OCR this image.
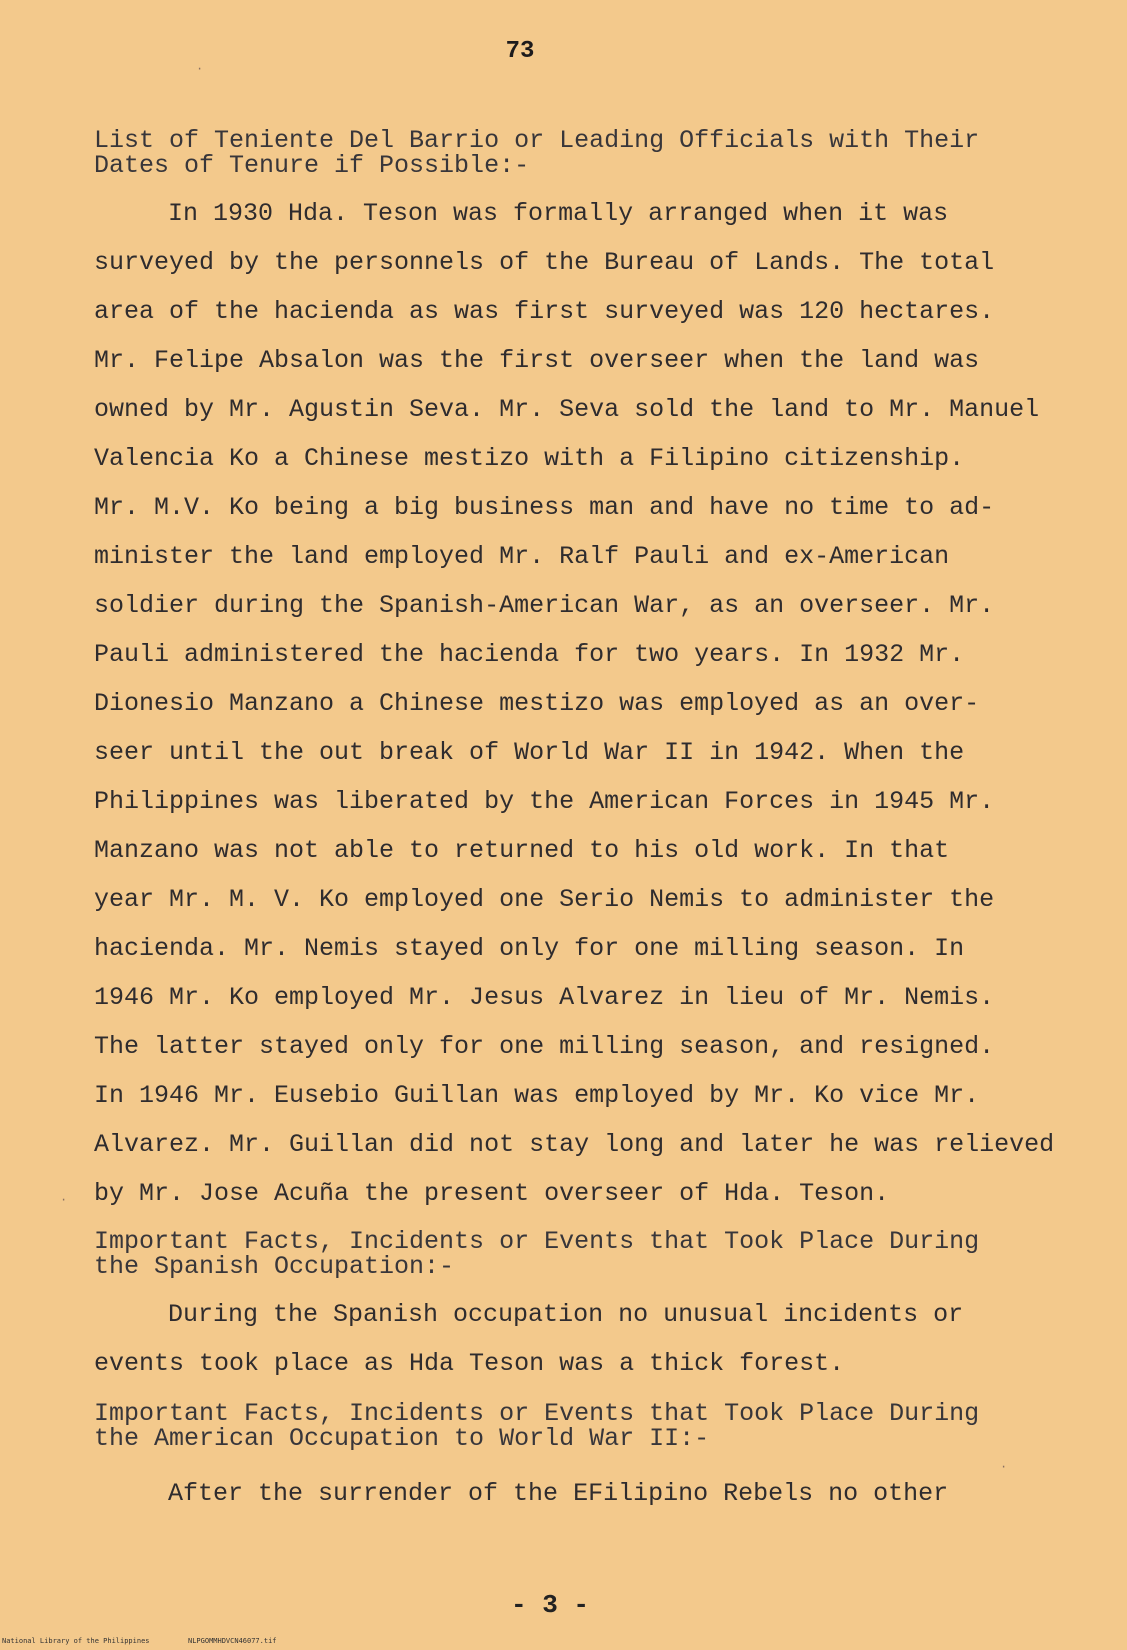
73
List of Teniente Del Barrio or Leading Officials with Their
Dates of Tenure if Possible:-
In 1930 Hda. Teson was formally arranged when it was
surveyed by the personnels of the Bureau of Lands. The total
area of the hacienda as was first surveyed was 120 hectares.
Mr. Felipe Absalon was the first overseer when the land was
owned by Mr. Agustin Seva. Mr. Seva sold the land to Mr. Manuel
Valencia Ko a Chinese mestizo with a Filipino citizenship.
Mr. M.V. Ko being a big business man and have no time to ad-
minister the land employed Mr. Ralf Pauli and ex-American
soldier during the Spanish-American War, as an overseer. Mr.
Pauli administered the hacienda for two years. In 1932 Mr.
Dionesio Manzano a Chinese mestizo was employed as an over-
seer until the out break of World War II in 1942. When the
Philippines was liberated by the American Forces in 1945 Mr.
Manzano was not able to returned to his old work. In that
year Mr. M. V. Ko employed one Serio Nemis to administer the
hacienda. Mr. Nemis stayed only for one milling season. In
1946 Mr. Ko employed Mr. Jesus Alvarez in lieu of Mr. Nemis.
The latter stayed only for one milling season, and resigned.
In 1946 Mr. Eusebio Guillan was employed by Mr. Ko vice Mr.
Alvarez. Mr. Guillan did not stay long and later he was relieved
by Mr. Jose Acuña the present overseer of Hda. Teson.
Important Facts, Incidents or Events that Took Place During
the Spanish Occupation:-
During the Spanish occupation no unusual incidents or
events took place as Hda Teson was a thick forest.
Important Facts, Incidents or Events that Took Place During
the American Occupation to World War II:-
After the surrender of the EFilipino Rebels no other
- 3 -
National Library of the Philippines	NLPGOMMHDVCN46077.tif
·
·
·
